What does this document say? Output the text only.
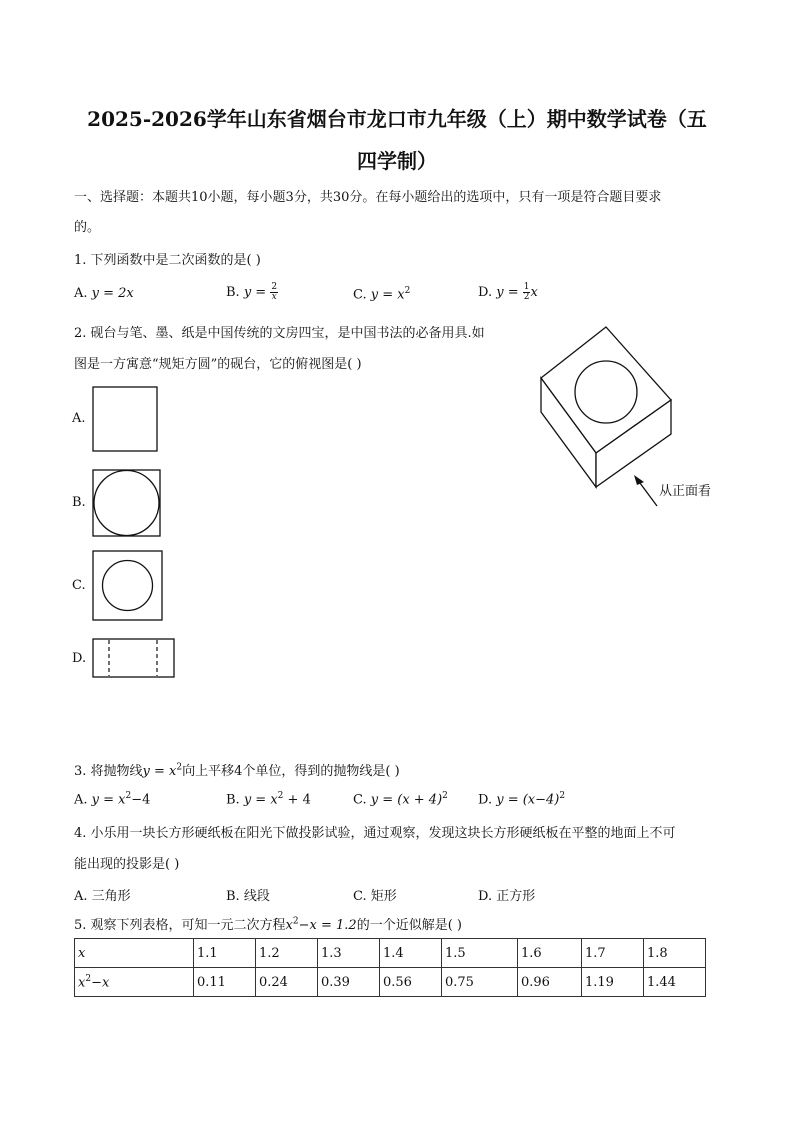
2025-2026学年山东省烟台市龙口市九年级（上）期中数学试卷（五
四学制）
一、选择题：本题共10小题，每小题3分，共30分。在每小题给出的选项中，只有一项是符合题目要求
的。
1. 下列函数中是二次函数的是( )
A. y = 2x	B. $y = \frac{2}{x}$	C. $y = x^2$	D. $y = \frac{1}{2}$ x
2. 砚台与笔、墨、纸是中国传统的文房四宝，是中国书法的必备用具.如
图是一方寓意“规矩方圆”的砚台，它的俯视图是( )
A.
B.
C.
D.
从正面看
3. 将抛物线$y = x^2$向上平移4个单位，得到的抛物线是( )
A. $y = x^2-4$	B. $y = x^2 + 4$	C. $y = (x + 4)^2$ D. $y = (x-4)^2$
4. 小乐用一块长方形硬纸板在阳光下做投影试验，通过观察，发现这块长方形硬纸板在平整的地面上不可
能出现的投影是( )
A. 三角形	B. 线段	C. 矩形	D. 正方形
5. 观察下列表格，可知一元二次方程$x^2-x = 1.2$的一个近似解是( )
x	1.1	1.2	1.3	1.4	1.5	1.6	1.7	1.8
$x^2-x$	0.11	0.24	0.39	0.56	0.75	0.96	1.19	1.44
